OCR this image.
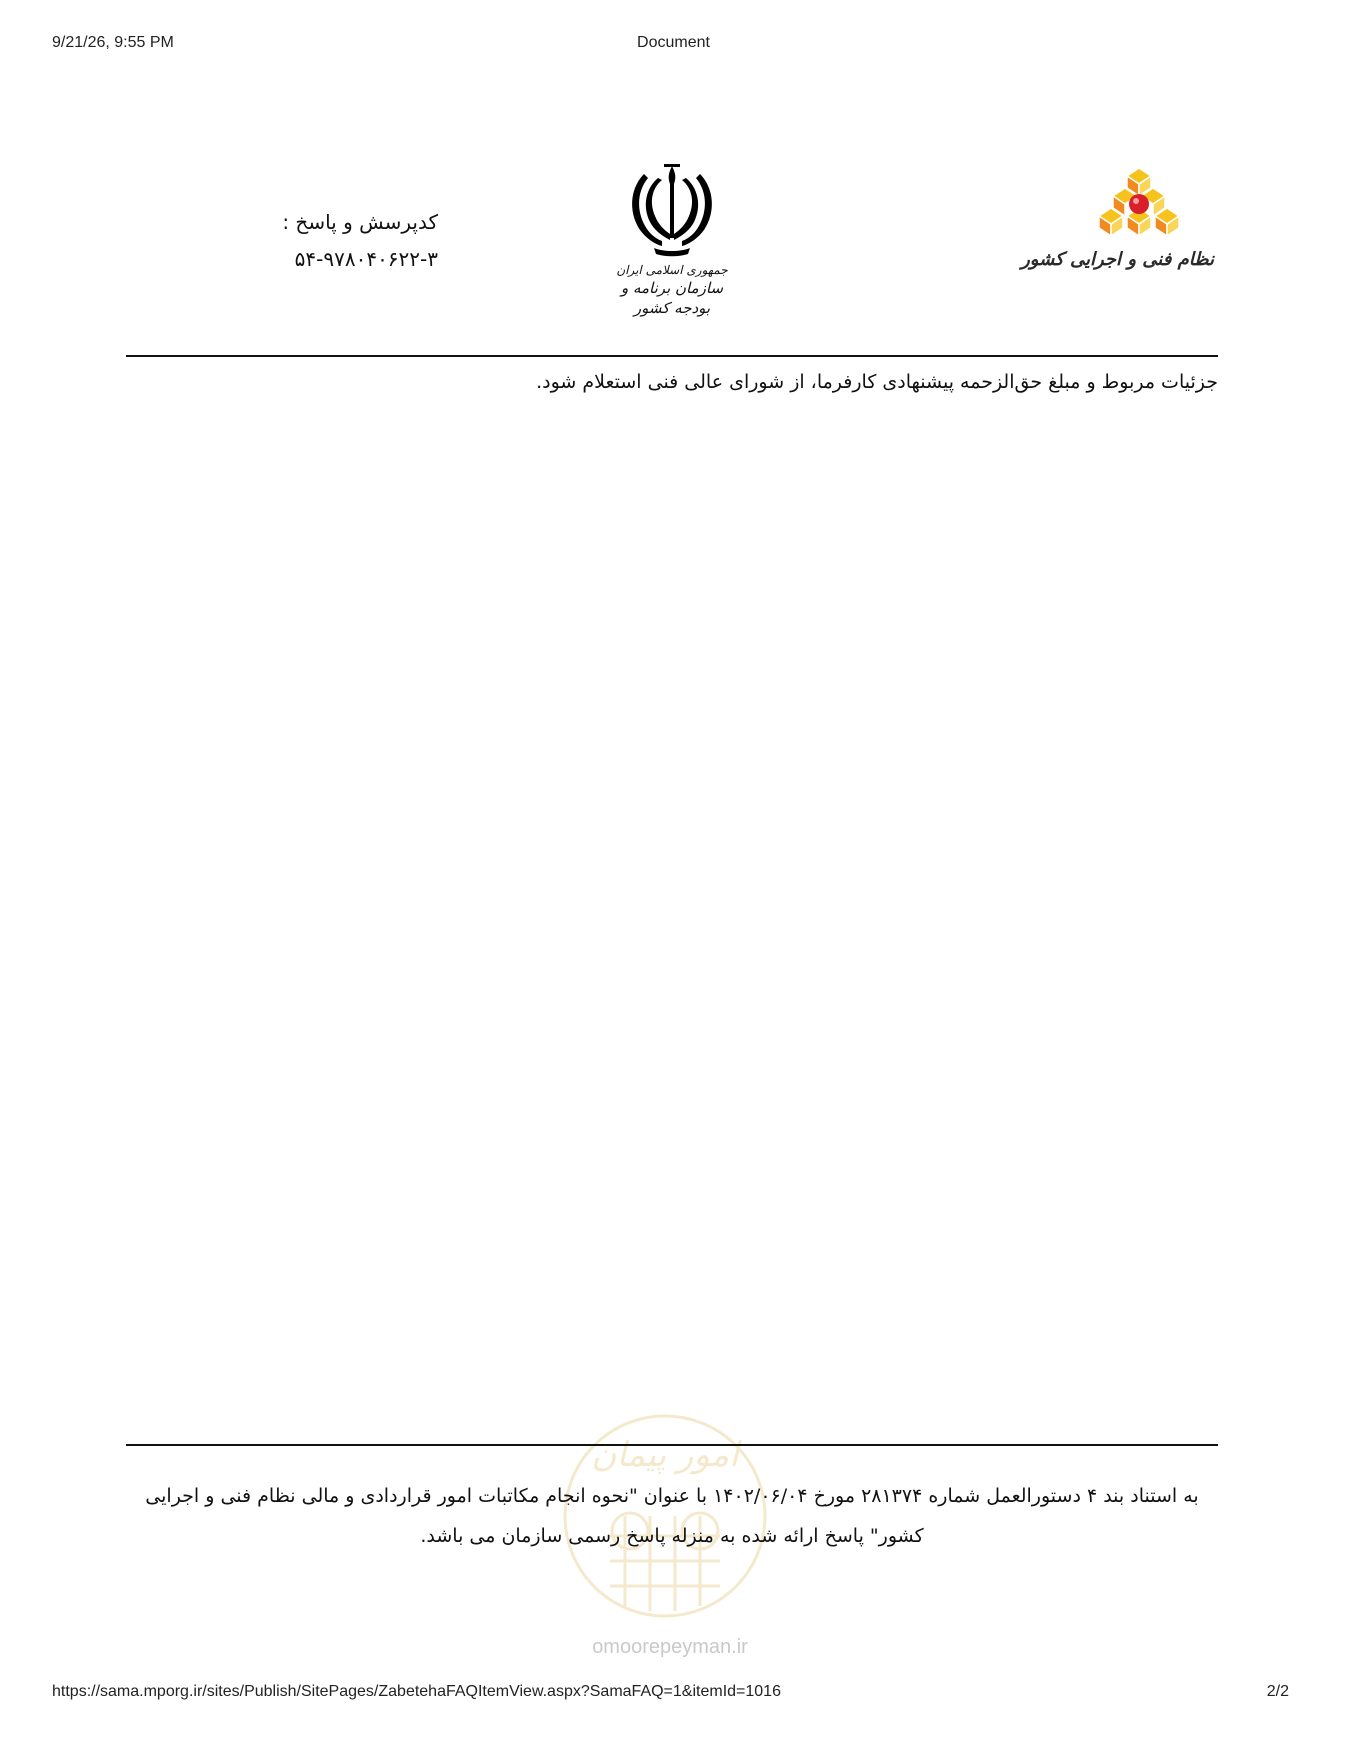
9/21/26, 9:55 PM	Document
کدپرسش و پاسخ :
۵۴-۹۷۸۰۴۰۶۲۲-۳	جمهوری اسلامی ایران
سازمان برنامه و بودجه کشور
نظام فنی و اجرایی کشور
جزئیات مربوط و مبلغ حق‌الزحمه پیشنهادی کارفرما، از شورای عالی فنی استعلام شود.
امور پیمان
omoorepeyman.ir
به استناد بند ۴ دستورالعمل شماره ۲۸۱۳۷۴ مورخ ۱۴۰۲/۰۶/۰۴ با عنوان "نحوه انجام مکاتبات امور قراردادی و مالی نظام فنی و اجرایی
کشور" پاسخ ارائه شده به منزله پاسخ رسمی سازمان می باشد.
https://sama.mporg.ir/sites/Publish/SitePages/ZabetehaFAQItemView.aspx?SamaFAQ=1&itemId=1016	2/2
